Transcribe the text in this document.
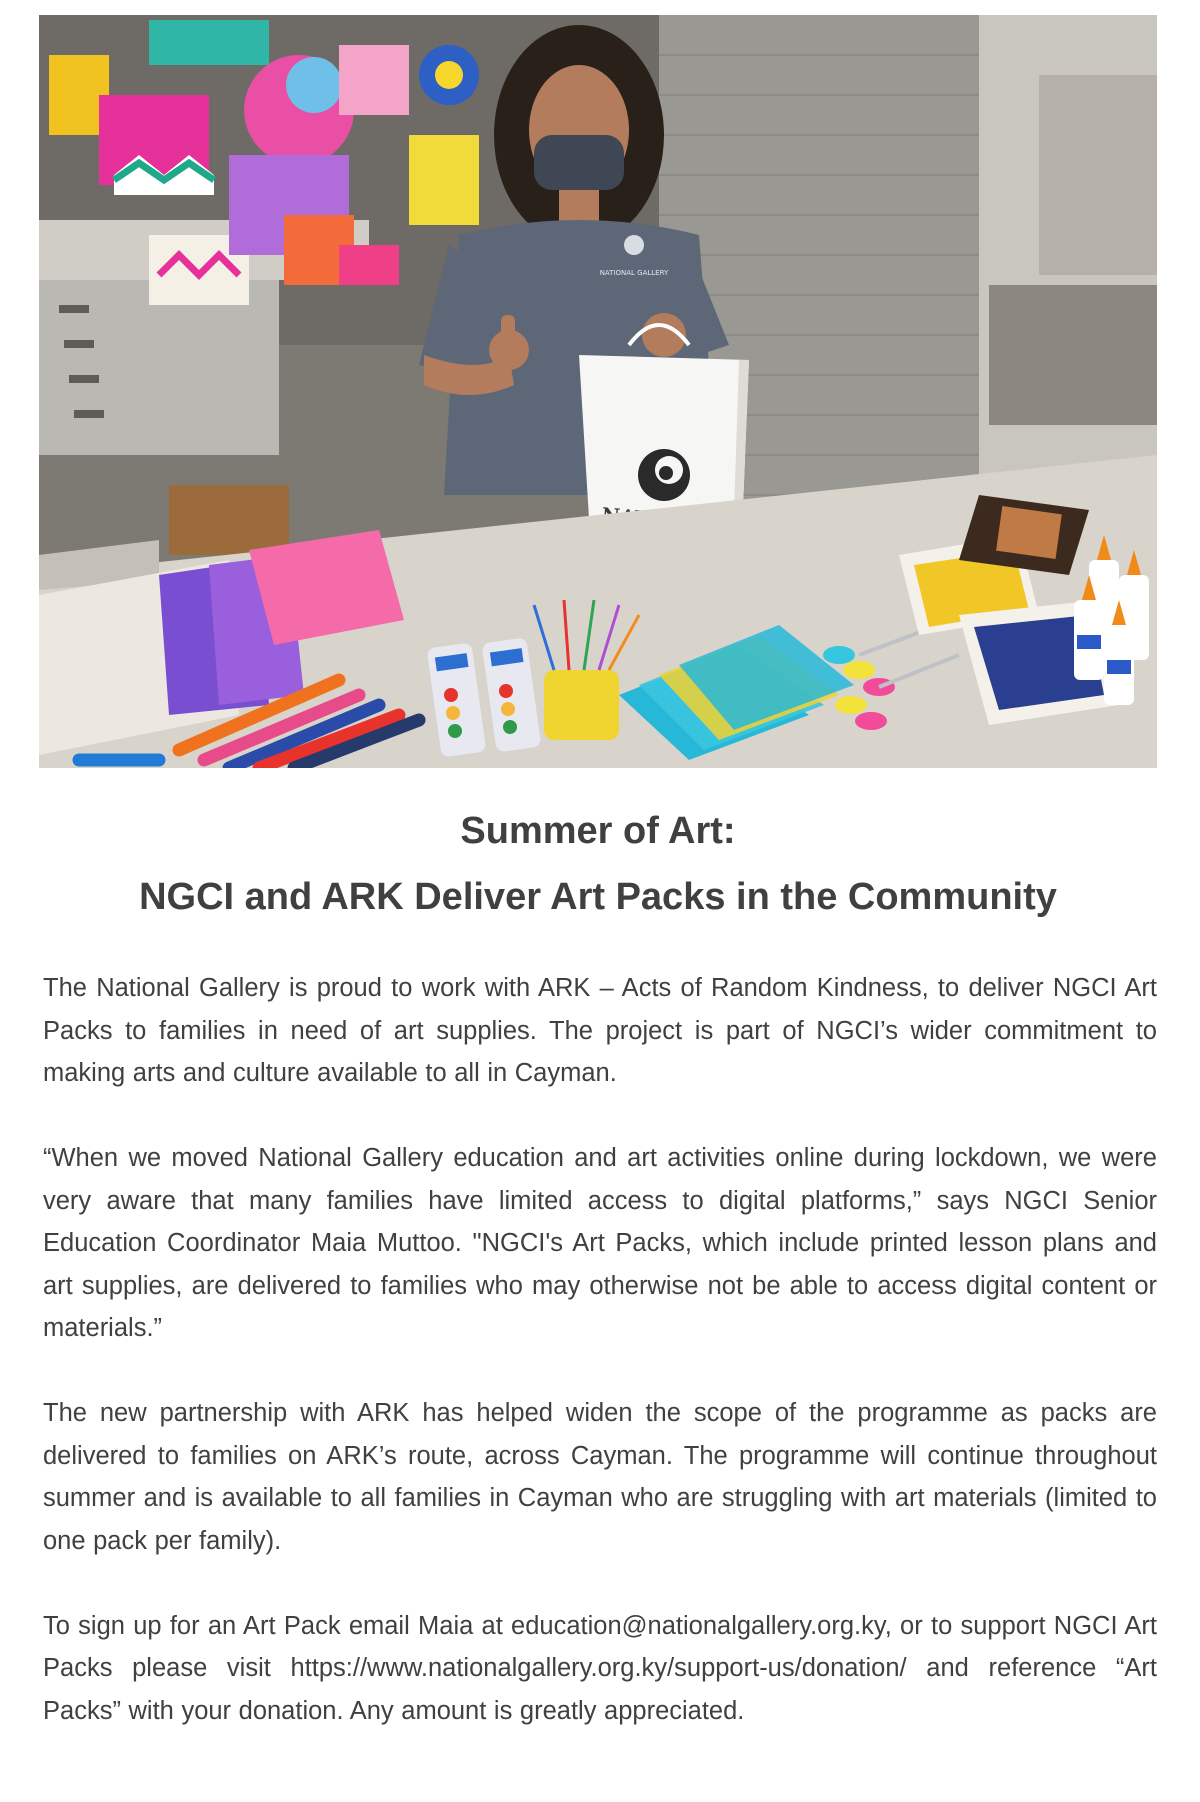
NATIONAL GALLERY
Summer of Art:
NGCI and ARK Deliver Art Packs in the Community

The National Gallery is proud to work with ARK – Acts of Random Kindness, to deliver NGCI Art Packs to families in need of art supplies. The project is part of NGCI’s wider commitment to making arts and culture available to all in Cayman.

“When we moved National Gallery education and art activities online during lockdown, we were very aware that many families have limited access to digital platforms,” says NGCI Senior Education Coordinator Maia Muttoo. "NGCI's Art Packs, which include printed lesson plans and art supplies, are delivered to families who may otherwise not be able to access digital content or materials.”

The new partnership with ARK has helped widen the scope of the programme as packs are delivered to families on ARK’s route, across Cayman. The programme will continue throughout summer and is available to all families in Cayman who are struggling with art materials (limited to one pack per family).

To sign up for an Art Pack email Maia at education@nationalgallery.org.ky, or to support NGCI Art Packs please visit https://www.nationalgallery.org.ky/support-us/donation/ and reference “Art Packs” with your donation. Any amount is greatly appreciated.
